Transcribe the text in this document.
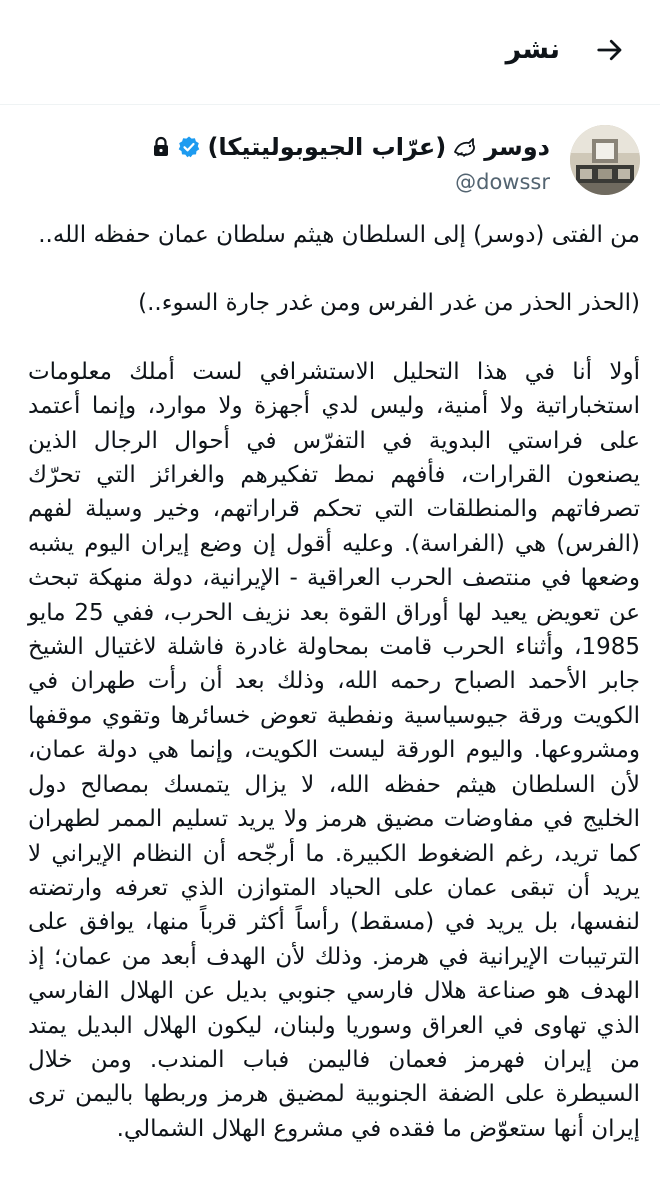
نشر
دوسر
(عرّاب الجيوبوليتيكا)
@dowssr

من الفتى (دوسر) إلى السلطان هيثم سلطان عمان حفظه الله..

(الحذر الحذر من غدر الفرس ومن غدر جارة السوء..)

أولا أنا في هذا التحليل الاستشرافي لست أملك معلومات استخباراتية ولا أمنية، وليس لدي أجهزة ولا موارد، وإنما أعتمد على فراستي البدوية في التفرّس في أحوال الرجال الذين يصنعون القرارات، فأفهم نمط تفكيرهم والغرائز التي تحرّك تصرفاتهم والمنطلقات التي تحكم قراراتهم، وخير وسيلة لفهم (الفرس) هي (الفراسة). وعليه أقول إن وضع إيران اليوم يشبه وضعها في منتصف الحرب العراقية - الإيرانية، دولة منهكة تبحث عن تعويض يعيد لها أوراق القوة بعد نزيف الحرب، ففي 25 مايو 1985، وأثناء الحرب قامت بمحاولة غادرة فاشلة لاغتيال الشيخ جابر الأحمد الصباح رحمه الله، وذلك بعد أن رأت طهران في الكويت ورقة جيوسياسية ونفطية تعوض خسائرها وتقوي موقفها ومشروعها. واليوم الورقة ليست الكويت، وإنما هي دولة عمان، لأن السلطان هيثم حفظه الله، لا يزال يتمسك بمصالح دول الخليج في مفاوضات مضيق هرمز ولا يريد تسليم الممر لطهران كما تريد، رغم الضغوط الكبيرة. ما أرجّحه أن النظام الإيراني لا يريد أن تبقى عمان على الحياد المتوازن الذي تعرفه وارتضته لنفسها، بل يريد في (مسقط) رأساً أكثر قرباً منها، يوافق على الترتيبات الإيرانية في هرمز. وذلك لأن الهدف أبعد من عمان؛ إذ الهدف هو صناعة هلال فارسي جنوبي بديل عن الهلال الفارسي الذي تهاوى في العراق وسوريا ولبنان، ليكون الهلال البديل يمتد من إيران فهرمز فعمان فاليمن فباب المندب. ومن خلال السيطرة على الضفة الجنوبية لمضيق هرمز وربطها باليمن ترى إيران أنها ستعوّض ما فقده في مشروع الهلال الشمالي.
